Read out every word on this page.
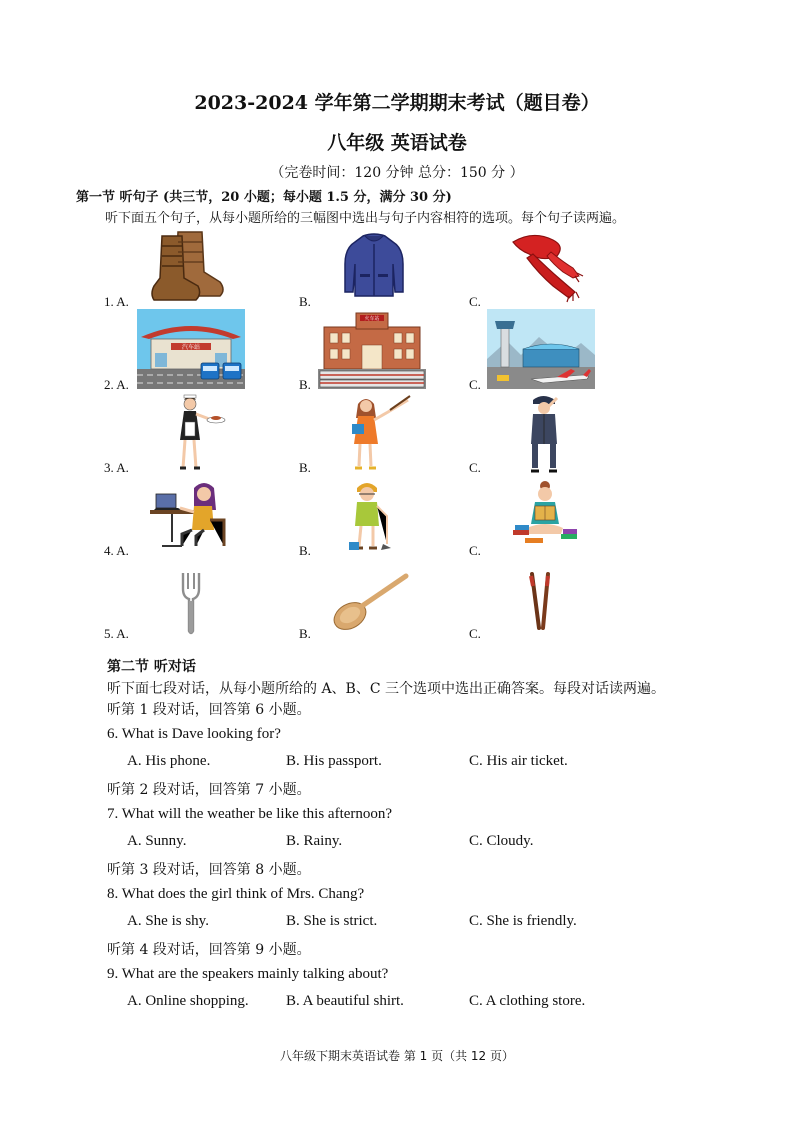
2023-2024 学年第二学期期末考试（题目卷）
八年级 英语试卷
（完卷时间：120 分钟 总分：150 分 ）
第一节 听句子 (共三节，20 小题；每小题 1.5 分，满分 30 分)
听下面五个句子，从每小题所给的三幅图中选出与句子内容相符的选项。每个句子读两遍。
1. A.	B.	C.
2. A.	B.	C.
3. A.	B.	C.
4. A.	B.	C.
5. A.	B.	C.
汽车站
火车站
第二节 听对话
听下面七段对话，从每小题所给的 A、B、C 三个选项中选出正确答案。每段对话读两遍。
听第 1 段对话，回答第 6 小题。
6. What is Dave looking for?
A. His phone.	B. His passport.	C. His air ticket.
听第 2 段对话，回答第 7 小题。
7. What will the weather be like this afternoon?
A. Sunny.	B. Rainy.	C. Cloudy.
听第 3 段对话，回答第 8 小题。
8. What does the girl think of Mrs. Chang?
A. She is shy.	B. She is strict.	C. She is friendly.
听第 4 段对话，回答第 9 小题。
9. What are the speakers mainly talking about?
A. Online shopping. B. A beautiful shirt.	C. A clothing store.
八年级下期末英语试卷 第 1 页（共 12 页）
